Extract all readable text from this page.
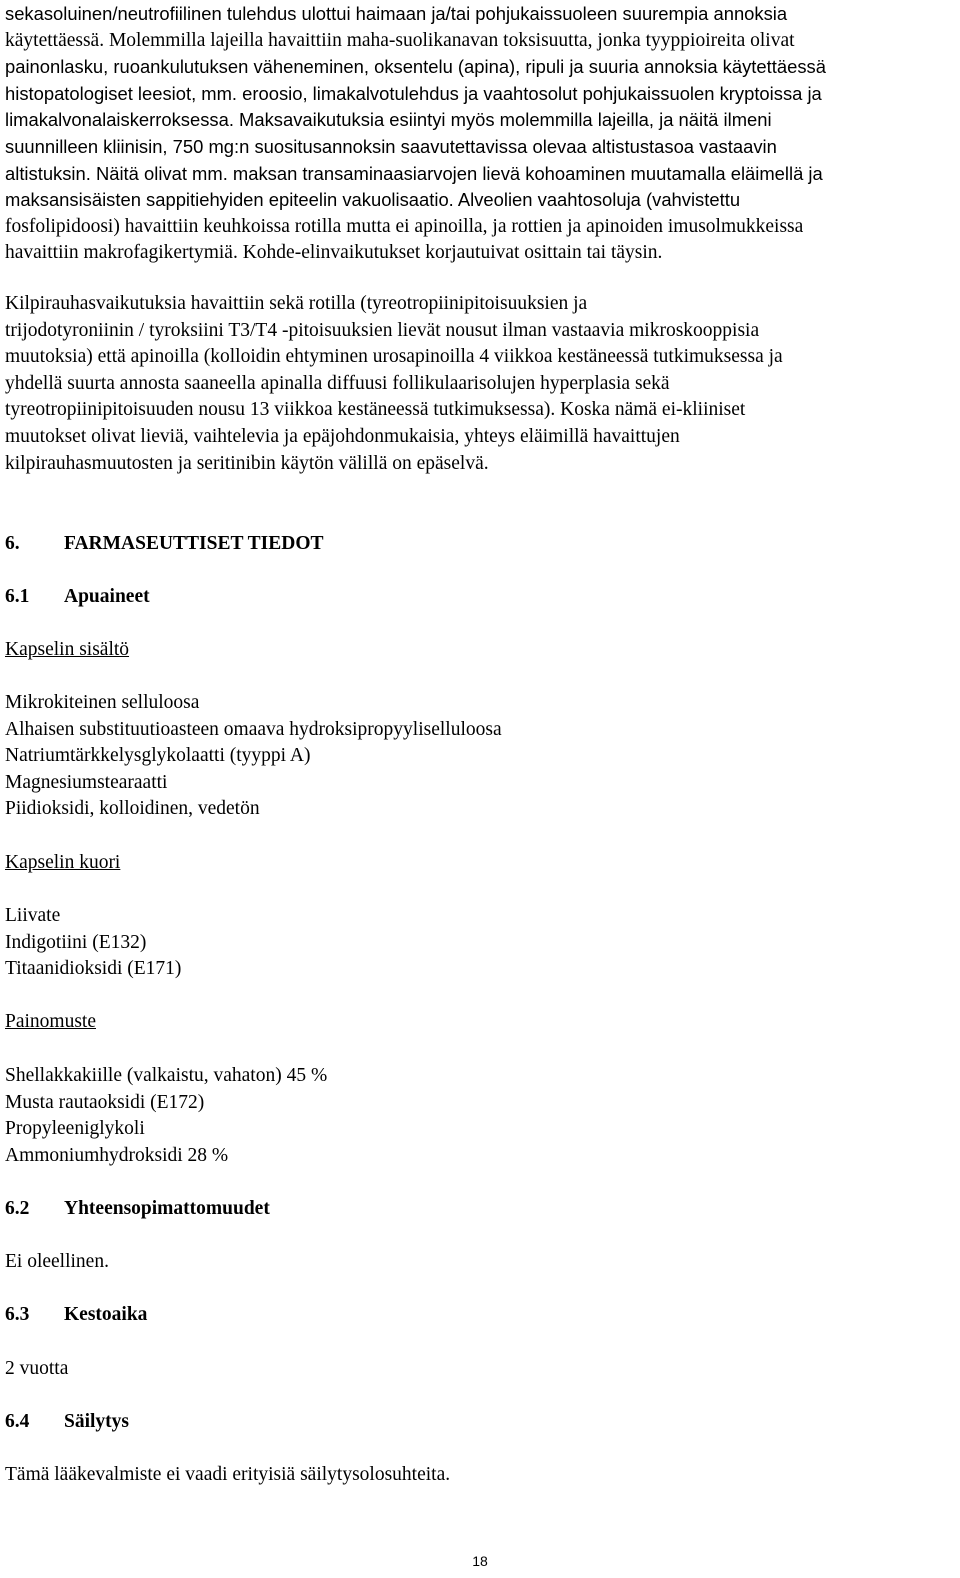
sekasoluinen/neutrofiilinen tulehdus ulottui haimaan ja/tai pohjukaissuoleen suurempia annoksia
käytettäessä. Molemmilla lajeilla havaittiin maha-suolikanavan toksisuutta, jonka tyyppioireita olivat
painonlasku, ruoankulutuksen väheneminen, oksentelu (apina), ripuli ja suuria annoksia käytettäessä
histopatologiset leesiot, mm. eroosio, limakalvotulehdus ja vaahtosolut pohjukaissuolen kryptoissa ja
limakalvonalaiskerroksessa. Maksavaikutuksia esiintyi myös molemmilla lajeilla, ja näitä ilmeni
suunnilleen kliinisin, 750 mg:n suositusannoksin saavutettavissa olevaa altistustasoa vastaavin
altistuksin. Näitä olivat mm. maksan transaminaasiarvojen lievä kohoaminen muutamalla eläimellä ja
maksansisäisten sappitiehyiden epiteelin vakuolisaatio. Alveolien vaahtosoluja (vahvistettu
fosfolipidoosi) havaittiin keuhkoissa rotilla mutta ei apinoilla, ja rottien ja apinoiden imusolmukkeissa
havaittiin makrofagikertymiä. Kohde-elinvaikutukset korjautuivat osittain tai täysin.

Kilpirauhasvaikutuksia havaittiin sekä rotilla (tyreotropiinipitoisuuksien ja
trijodotyroniinin / tyroksiini T3/T4 -pitoisuuksien lievät nousut ilman vastaavia mikroskooppisia
muutoksia) että apinoilla (kolloidin ehtyminen urosapinoilla 4 viikkoa kestäneessä tutkimuksessa ja
yhdellä suurta annosta saaneella apinalla diffuusi follikulaarisolujen hyperplasia sekä
tyreotropiinipitoisuuden nousu 13 viikkoa kestäneessä tutkimuksessa). Koska nämä ei-kliiniset
muutokset olivat lieviä, vaihtelevia ja epäjohdonmukaisia, yhteys eläimillä havaittujen
kilpirauhasmuutosten ja seritinibin käytön välillä on epäselvä.

6. FARMASEUTTISET TIEDOT
6.1 Apuaineet
Kapselin sisältö
Mikrokiteinen selluloosa
Alhaisen substituutioasteen omaava hydroksipropyyliselluloosa
Natriumtärkkelysglykolaatti (tyyppi A)
Magnesiumstearaatti
Piidioksidi, kolloidinen, vedetön
Kapselin kuori
Liivate
Indigotiini (E132)
Titaanidioksidi (E171)
Painomuste
Shellakkakiille (valkaistu, vahaton) 45 %
Musta rautaoksidi (E172)
Propyleeniglykoli
Ammoniumhydroksidi 28 %
6.2 Yhteensopimattomuudet
Ei oleellinen.
6.3 Kestoaika
2 vuotta
6.4 Säilytys
Tämä lääkevalmiste ei vaadi erityisiä säilytysolosuhteita.
18
